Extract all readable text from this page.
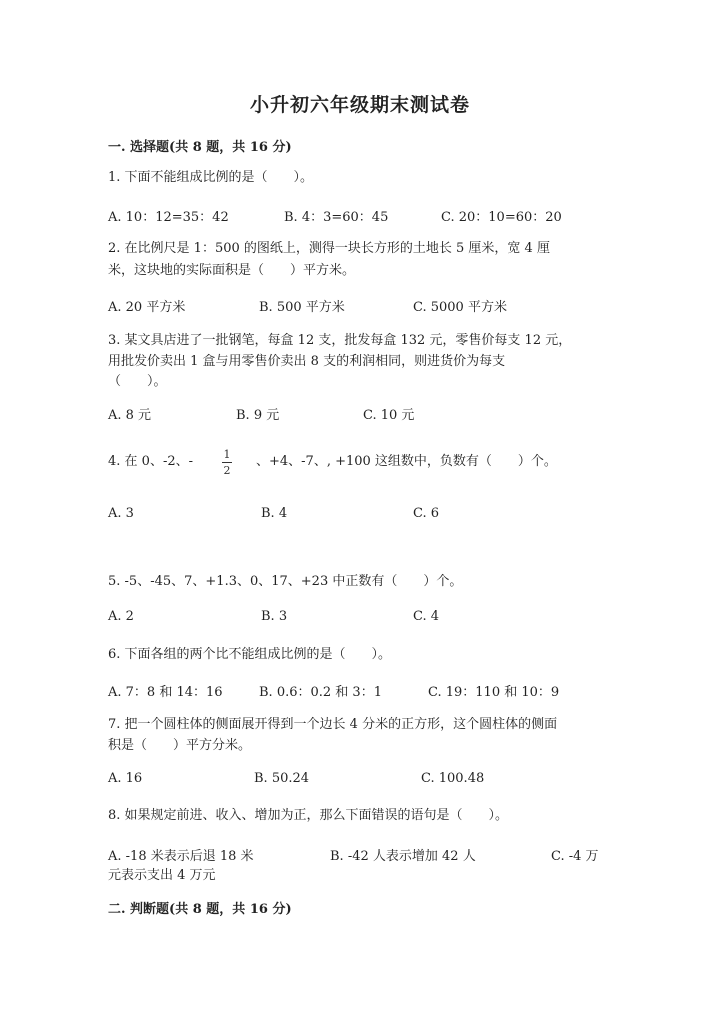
小升初六年级期末测试卷
一. 选择题(共 8 题，共 16 分)
1. 下面不能组成比例的是（　　）。
A. 10：12=35：42	B. 4：3=60：45	C. 20：10=60：20
2. 在比例尺是 1：500 的图纸上，测得一块长方形的土地长 5 厘米，宽 4 厘
米，这块地的实际面积是（　　）平方米。
A. 20 平方米	B. 500 平方米	C. 5000 平方米
3. 某文具店进了一批钢笔，每盒 12 支，批发每盒 132 元，零售价每支 12 元，
用批发价卖出 1 盒与用零售价卖出 8 支的利润相同，则进货价为每支
（　　）。
A. 8 元	B. 9 元	C. 10 元
4. 在 0、-2、-	1
2
、+4、-7、, +100 这组数中，负数有（　　）个。
A. 3	B. 4	C. 6
5. -5、-45、7、+1.3、0、17、+23 中正数有（　　）个。
A. 2	B. 3	C. 4
6. 下面各组的两个比不能组成比例的是（　　）。
A. 7：8 和 14：16	B. 0.6：0.2 和 3：1	C. 19：110 和 10：9
7. 把一个圆柱体的侧面展开得到一个边长 4 分米的正方形，这个圆柱体的侧面
积是（　　）平方分米。
A. 16	B. 50.24	C. 100.48
8. 如果规定前进、收入、增加为正，那么下面错误的语句是（　　）。
A. -18 米表示后退 18 米	B. -42 人表示增加 42 人	C. -4 万
元表示支出 4 万元
二. 判断题(共 8 题，共 16 分)
